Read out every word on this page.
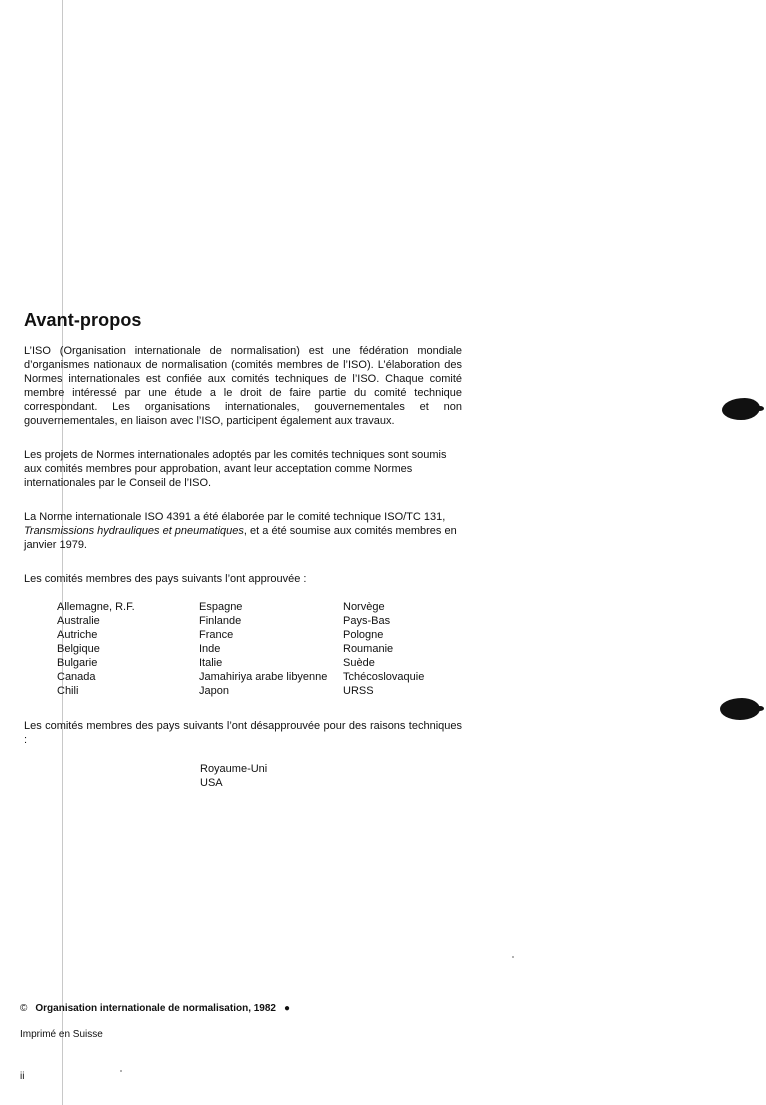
Avant-propos

L’ISO (Organisation internationale de normalisation) est une fédération mondiale d’organismes nationaux de normalisation (comités membres de l’ISO). L’élaboration des Normes internationales est confiée aux comités techniques de l’ISO. Chaque comité membre intéressé par une étude a le droit de faire partie du comité technique correspondant. Les organisations internationales, gouvernementales et non gouvernementales, en liaison avec l’ISO, participent également aux travaux.

Les projets de Normes internationales adoptés par les comités techniques sont soumis aux comités membres pour approbation, avant leur acceptation comme Normes internationales par le Conseil de l’ISO.

La Norme internationale ISO 4391 a été élaborée par le comité technique ISO/TC 131, Transmissions hydrauliques et pneumatiques, et a été soumise aux comités membres en janvier 1979.

Les comités membres des pays suivants l’ont approuvée :

Allemagne, R.F.
Australie
Autriche
Belgique
Bulgarie
Canada
Chili
Espagne
Finlande
France
Inde
Italie
Jamahiriya arabe libyenne
Japon
Norvège
Pays-Bas
Pologne
Roumanie
Suède
Tchécoslovaquie
URSS

Les comités membres des pays suivants l’ont désapprouvée pour des raisons techniques :

Royaume-Uni
USA
© Organisation internationale de normalisation, 1982 ●
Imprimé en Suisse
ii
